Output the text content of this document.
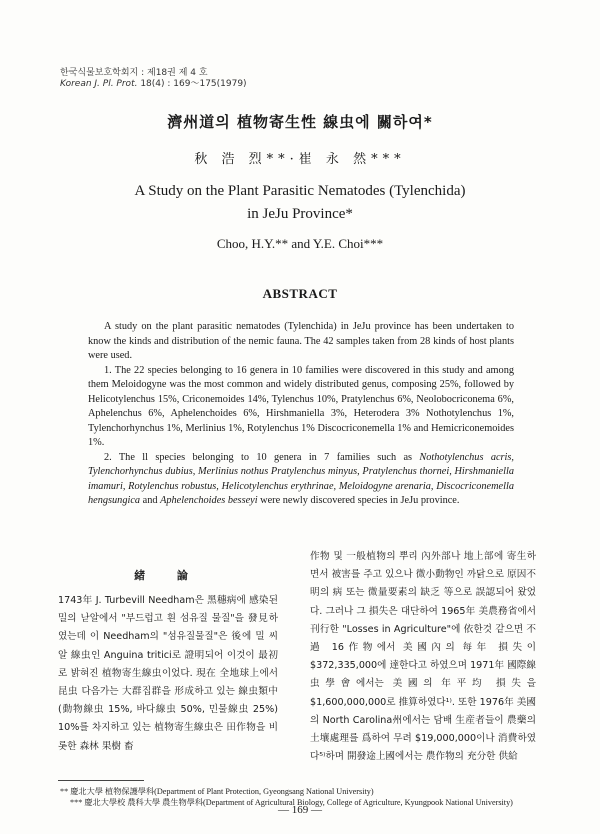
한국식물보호학회지 : 제18권 제 4 호
Korean J. Pl. Prot. 18(4) : 169～175(1979)
濟州道의 植物寄生性 線虫에 關하여*
秋 浩 烈**·崔 永 然***
A Study on the Plant Parasitic Nematodes (Tylenchida)
in JeJu Province*
Choo, H.Y.** and Y.E. Choi***
ABSTRACT

A study on the plant parasitic nematodes (Tylenchida) in JeJu province has been undertaken to know the kinds and distribution of the nemic fauna. The 42 samples taken from 28 kinds of host plants were used.

1. The 22 species belonging to 16 genera in 10 families were discovered in this study and among them Meloidogyne was the most common and widely distributed genus, composing 25%, followed by Helicotylenchus 15%, Criconemoides 14%, Tylenchus 10%, Pratylenchus 6%, Neolobocriconema 6%, Aphelenchus 6%, Aphelenchoides 6%, Hirshmaniella 3%, Heterodera 3% Nothotylenchus 1%, Tylenchorhynchus 1%, Merlinius 1%, Rotylenchus 1% Discocriconemella 1% and Hemicriconemoides 1%.

2. The ll species belonging to 10 genera in 7 families such as Nothotylenchus acris, Tylenchorhynchus dubius, Merlinius nothus Pratylenchus minyus, Pratylenchus thornei, Hirshmaniella imamuri, Rotylenchus robustus, Helicotylenchus erythrinae, Meloidogyne arenaria, Discocriconemella hengsungica and Aphelenchoides besseyi were newly discovered species in JeJu province.

緒 論

1743年 J. Turbevill Needham은 黑穗病에 感染된 밀의 낟알에서 "부드럽고 흰 섬유질 물질"을 發見하였는데 이 Needham의 "섬유질물질"은 後에 밀 씨알 線虫인 Anguina tritici로 證明되어 이것이 最初로 밝혀진 植物寄生線虫이었다. 現在 全地球上에서 昆虫 다음가는 大群집群을 形成하고 있는 線虫類中(動物線虫 15%, 바다線虫 50%, 민물線虫 25%) 10%를 차지하고 있는 植物寄生線虫은 田作物을 비롯한 森林 果樹 畜

作物 및 一般植物의 뿌리 內外部나 地上部에 寄生하면서 被害를 주고 있으나 微小動物인 까닭으로 原因不明의 病 또는 微量要素의 缺乏 等으로 誤認되어 왔었다. 그러나 그 損失은 대단하여 1965年 美農務省에서 刊行한 "Losses in Agriculture"에 依한것 같으면 不過 16作物에서 美國內의 每年 損失이 $372,335,000에 達한다고 하였으며 1971年 國際線虫學會에서는 美國의 年平均 損失을 $1,600,000,000로 推算하였다¹⁾. 또한 1976年 美國의 North Carolina州에서는 담배 生産者들이 農藥의 土壤處理를 爲하여 무려 $19,000,000이나 消費하였다⁵⁾하며 開發途上國에서는 農作物의 充分한 供給

** 慶北大學 植物保護學科(Department of Plant Protection, Gyeongsang National University)

*** 慶北大學校 農科大學 農生物學科(Department of Agricultural Biology, College of Agriculture, Kyungpook National University)

— 169 —
